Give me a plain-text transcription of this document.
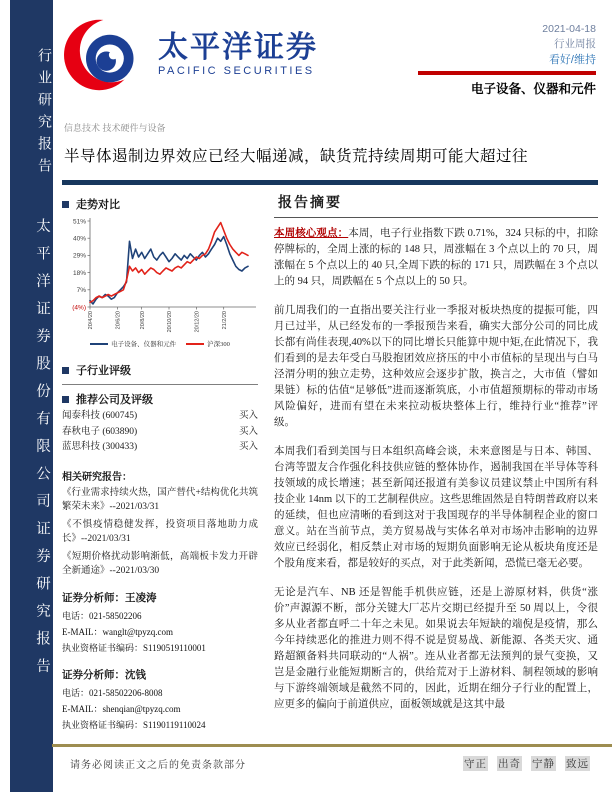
行业研究报告
太平洋证券股份有限公司证券研究报告
太平洋证券
PACIFIC SECURITIES
2021-04-18
行业周报
看好/维持
电子设备、仪器和元件
信息技术 技术硬件与设备
半导体遏制边界效应已经大幅递减，缺货荒持续周期可能大超过往
走势对比
51%
40%
29%
18%
7%
(4%)
20/4/20	20/6/20	20/8/20	20/10/20	20/12/20	21/2/20
电子设备、仪器和元件	沪深300
子行业评级
推荐公司及评级
闻泰科技 (600745)	买入
春秋电子 (603890)	买入
蓝思科技 (300433)	买入
相关研究报告：

《行业需求持续火热，国产替代+结构优化共筑繁荣未来》--2021/03/31

《不惧疫情稳健发挥，投资项目落地助力成长》--2021/03/31

《短期价格扰动影响渐低，高端板卡发力开辟全新通途》--2021/03/30

证券分析师：王凌涛
电话：021-58502206
E-MAIL：wanglt@tpyzq.com
执业资格证书编码：S1190519110001
证券分析师：沈钱
电话：021-58502206-8008
E-MAIL：shenqian@tpyzq.com
执业资格证书编码：S1190119110024
报告摘要

本周核心观点：本周，电子行业指数下跌 0.71%，324 只标的中，扣除停牌标的，全周上涨的标的 148 只，周涨幅在 3 个点以上的 70 只，周涨幅在 5 个点以上的 40 只,全周下跌的标的 171 只，周跌幅在 3 个点以上的 94 只，周跌幅在 5 个点以上的 50 只。

前几周我们的一直指出要关注行业一季报对板块热度的提振可能，四月已过半，从已经发布的一季报预告来看，确实大部分公司的同比成长都有尚佳表现,40%以下的同比增长只能算中规中矩,在此情况下，我们看到的是去年受白马股抱团效应挤压的中小市值标的呈现出与白马泾渭分明的独立走势，这种效应会逐步扩散，换言之，大市值（譬如果链）标的估值“足够低”进而逐渐筑底，小市值超预期标的带动市场风险偏好，进而有望在未来拉动板块整体上行，维持行业“推荐”评级。

本周我们看到美国与日本组织高峰会谈，未来意图是与日本、韩国、台湾等盟友合作强化科技供应链的整体协作，遏制我国在半导体等科技领域的成长增速；甚至新闻还报道有美参议员建议禁止中国所有科技企业 14nm 以下的工艺制程供应。这些思维固然是自特朗普政府以来的延续，但也应清晰的看到这对于我国现存的半导体制程企业的窗口意义。站在当前节点，美方贸易战与实体名单对市场冲击影响的边界效应已经弱化，相反禁止对市场的短期负面影响无论从板块角度还是个股角度来看，都是较好的买点，对于此类新闻，恐慌已毫无必要。

无论是汽车、NB 还是智能手机供应链，还是上游原材料，供货“涨价”声源源不断，部分关键大厂芯片交期已经提升至 50 周以上，令很多从业者都直呼二十年之未见。如果说去年短缺的端倪是疫情，那么今年持续恶化的推进力则不得不说是贸易战、新能源、各类天灾、通路超额备料共同联动的“人祸”。连从业者都无法预判的景气变换，又岂是金融行业能短期断言的，供给荒对于上游材料、制程领域的影响与下游终端领域是截然不同的，因此，近期在细分子行业的配置上，应更多的偏向于前道供应，面板领域就是这其中最

请务必阅读正文之后的免责条款部分	守正 出奇 宁静 致远
